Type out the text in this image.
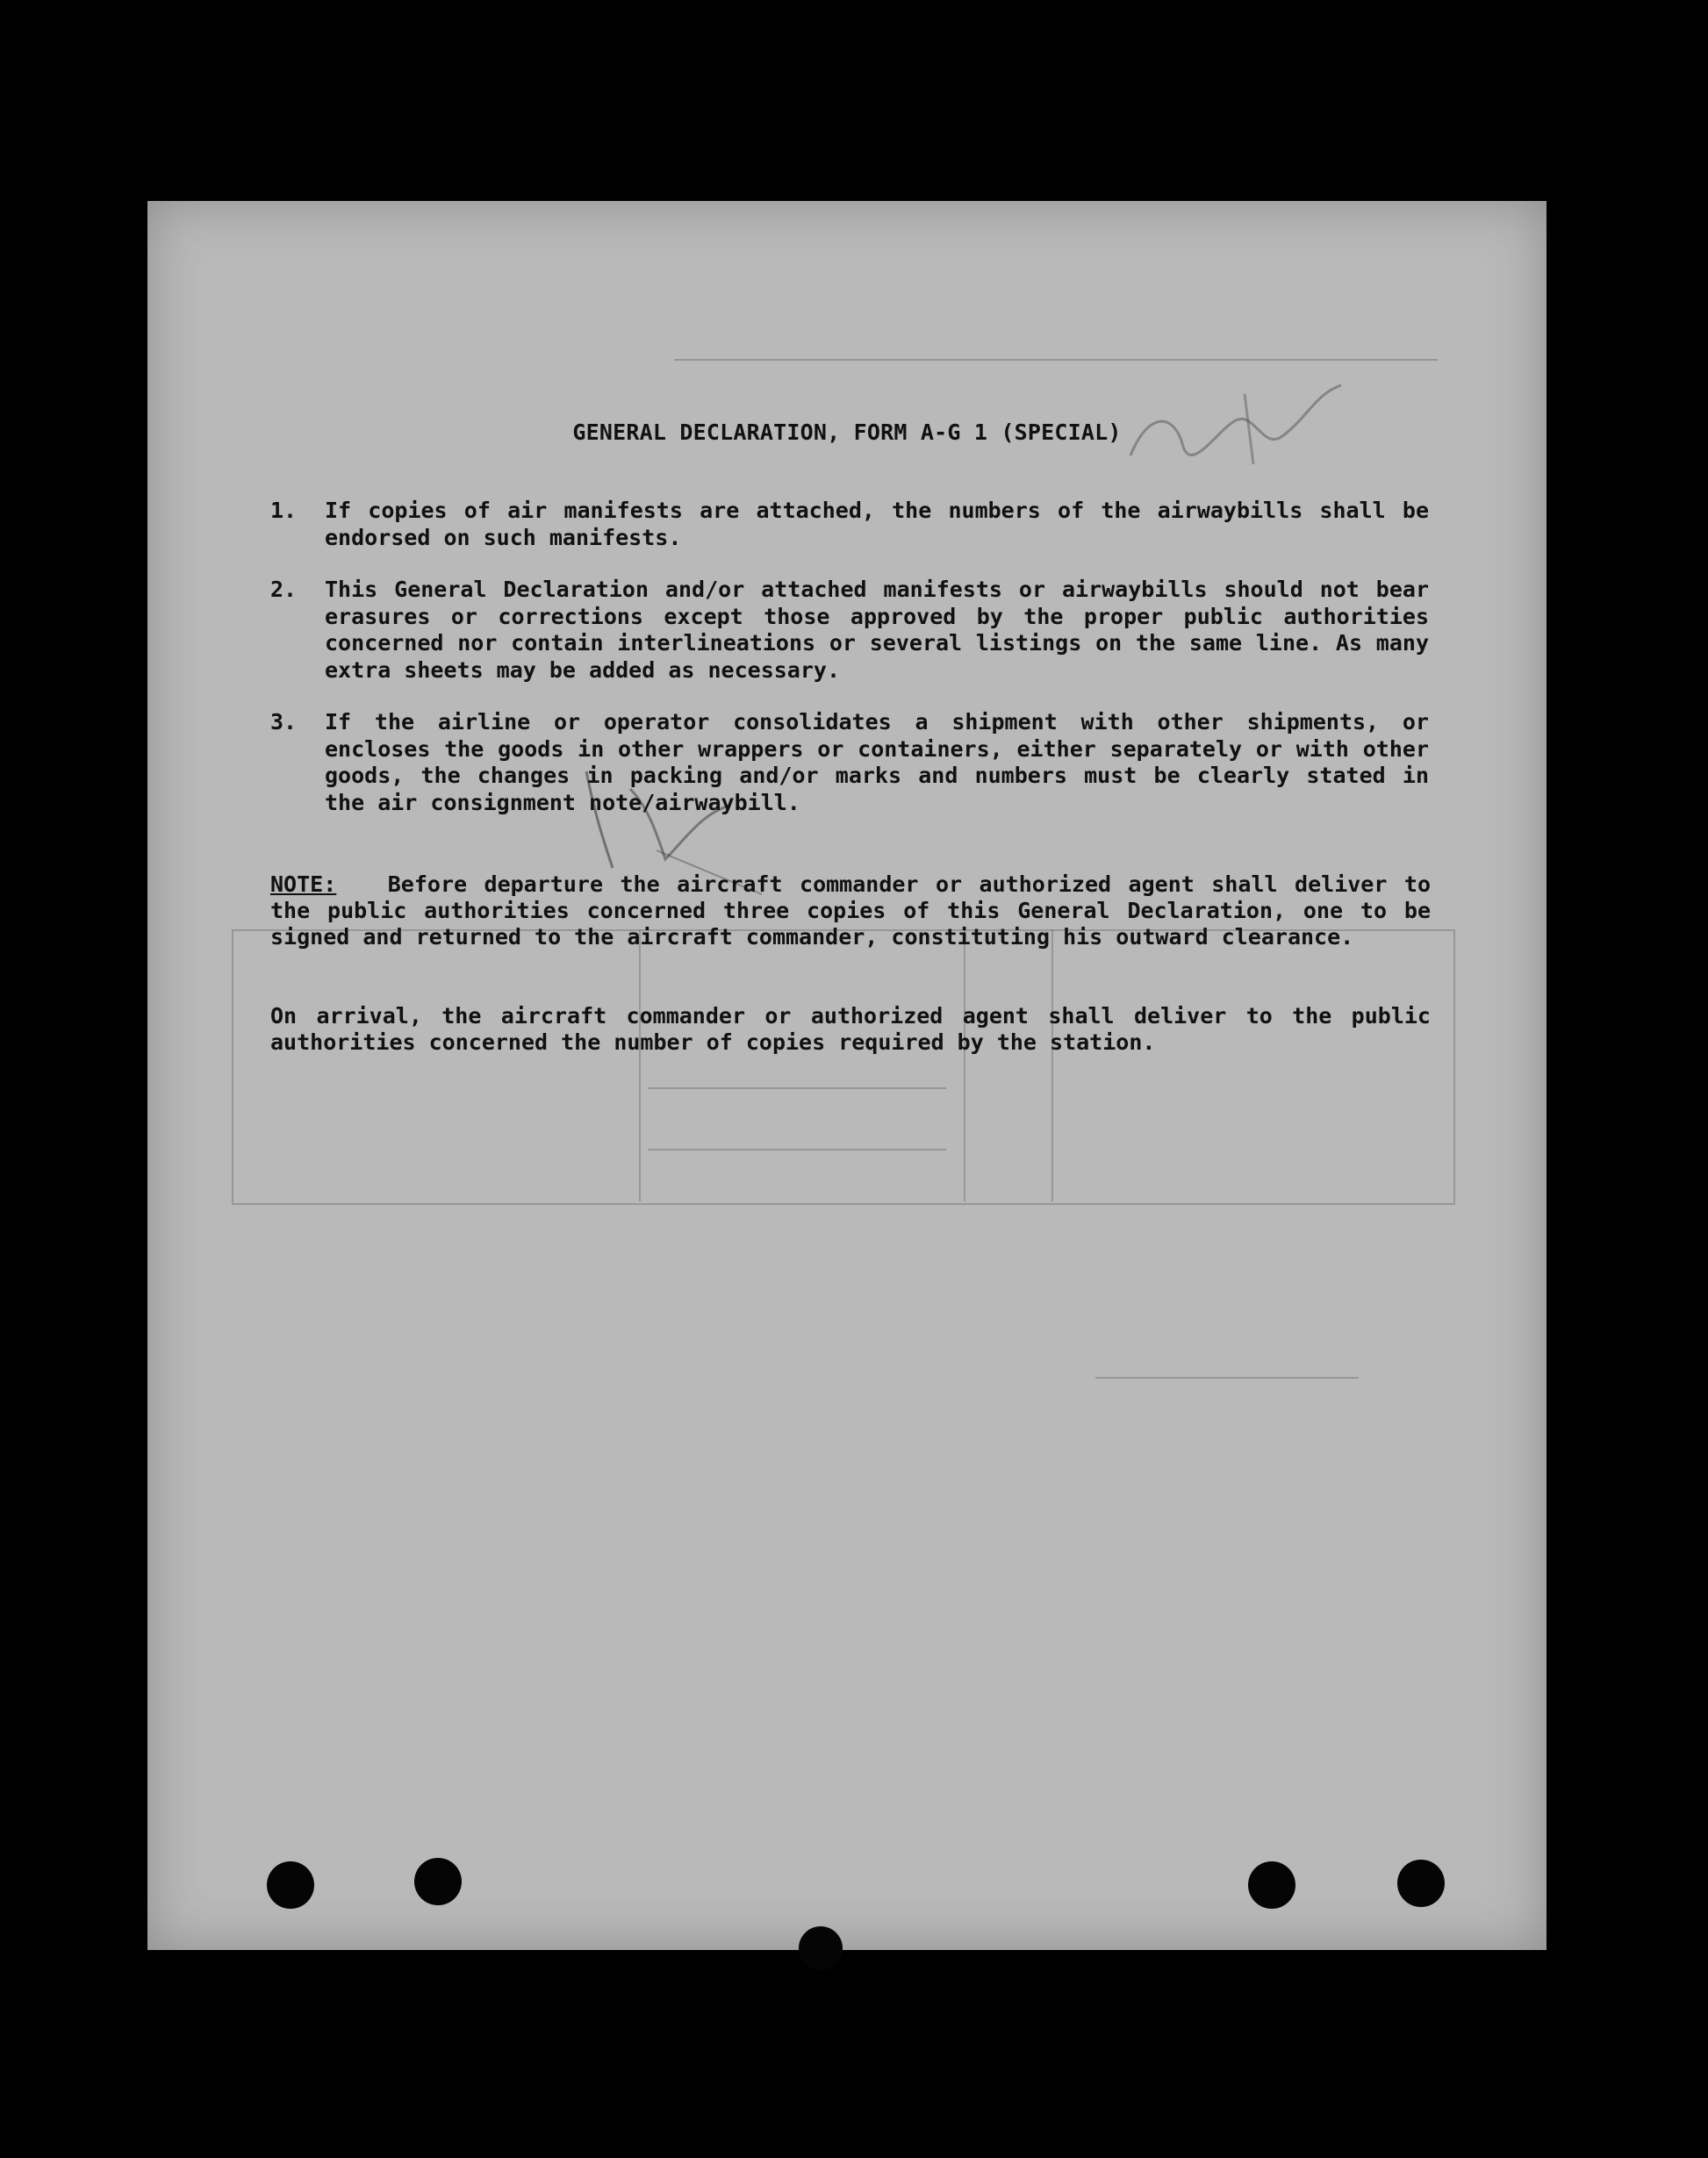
GENERAL DECLARATION, FORM A-G 1 (SPECIAL)
1.	If copies of air manifests are attached, the numbers of the airwaybills shall be endorsed on such manifests.

2.	This General Declaration and/or attached manifests or airwaybills should not bear erasures or corrections except those approved by the proper public authorities concerned nor contain interlineations or several listings on the same line. As many extra sheets may be added as necessary.

3.	If the airline or operator consolidates a shipment with other shipments, or encloses the goods in other wrappers or containers, either separately or with other goods, the changes in packing and/or marks and numbers must be clearly stated in the air consignment note/airwaybill.

NOTE: Before departure the aircraft commander or authorized agent shall deliver to the public authorities concerned three copies of this General Declaration, one to be signed and returned to the aircraft commander, constituting his outward clearance.

On arrival, the aircraft commander or authorized agent shall deliver to the public authorities concerned the number of copies required by the station.
